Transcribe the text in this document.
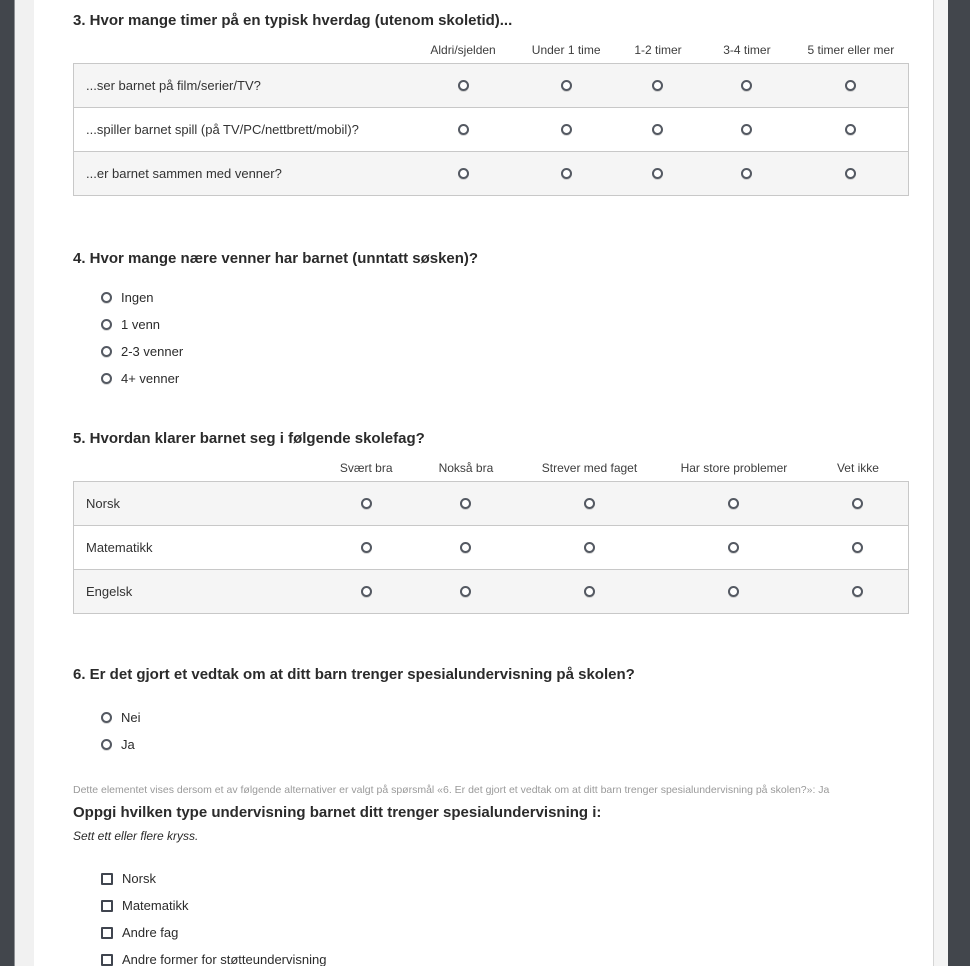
3. Hvor mange timer på en typisk hverdag (utenom skoletid)...
	Aldri/sjelden	Under 1 time	1-2 timer	3-4 timer	5 timer eller mer
...ser barnet på film/serier/TV?					
...spiller barnet spill (på TV/PC/nettbrett/mobil)?					
...er barnet sammen med venner?					
4. Hvor mange nære venner har barnet (unntatt søsken)?
Ingen
1 venn
2-3 venner
4+ venner
5. Hvordan klarer barnet seg i følgende skolefag?
	Svært bra	Nokså bra	Strever med faget	Har store problemer	Vet ikke
Norsk					
Matematikk					
Engelsk					
6. Er det gjort et vedtak om at ditt barn trenger spesialundervisning på skolen?
Nei
Ja
Dette elementet vises dersom et av følgende alternativer er valgt på spørsmål «6. Er det gjort et vedtak om at ditt barn trenger spesialundervisning på skolen?»: Ja
Oppgi hvilken type undervisning barnet ditt trenger spesialundervisning i:
Sett ett eller flere kryss.
Norsk
Matematikk
Andre fag
Andre former for støtteundervisning
